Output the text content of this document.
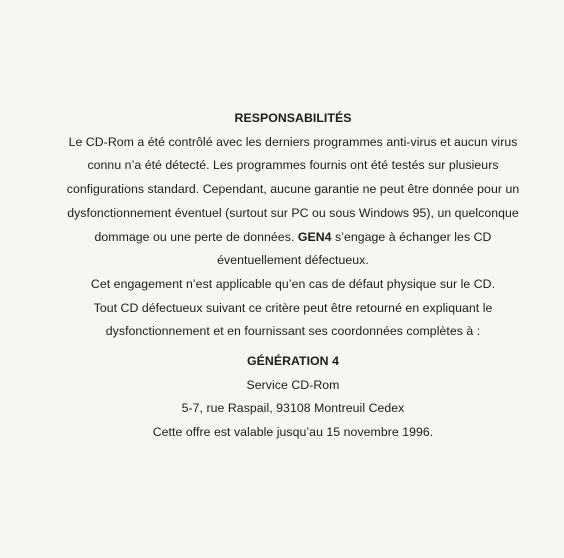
RESPONSABILITÉS
Le CD-Rom a été contrôlé avec les derniers programmes anti-virus et aucun virus
connu n’a été détecté. Les programmes fournis ont été testés sur plusieurs
configurations standard. Cependant, aucune garantie ne peut être donnée pour un
dysfonctionnement éventuel (surtout sur PC ou sous Windows 95), un quelconque
dommage ou une perte de données. GEN4 s’engage à échanger les CD
éventuellement défectueux.
Cet engagement n’est applicable qu’en cas de défaut physique sur le CD.
Tout CD défectueux suivant ce critère peut être retourné en expliquant le
dysfonctionnement et en fournissant ses coordonnées complètes à :
GÉNÉRATION 4
Service CD-Rom
5-7, rue Raspail, 93108 Montreuil Cedex
Cette offre est valable jusqu’au 15 novembre 1996.
